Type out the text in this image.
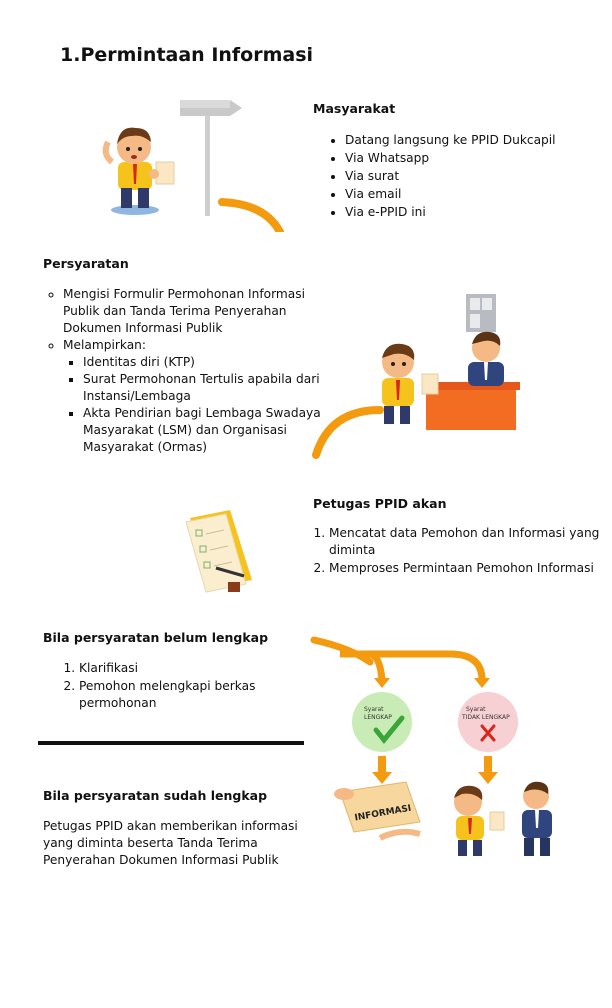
1.Permintaan Informasi
Masyarakat
• Datang langsung ke PPID Dukcapil
• Via Whatsapp
• Via surat
• Via email
• Via e-PPID ini
Persyaratan
◦ Mengisi Formulir Permohonan Informasi Publik dan Tanda Terima Penyerahan Dokumen Informasi Publik
◦ Melampirkan:
▪ Identitas diri (KTP)
▪ Surat Permohonan Tertulis apabila dari Instansi/Lembaga
▪ Akta Pendirian bagi Lembaga Swadaya Masyarakat (LSM) dan Organisasi Masyarakat (Ormas)
Petugas PPID akan
1. Mencatat data Pemohon dan Informasi yang diminta
2. Memproses Permintaan Pemohon Informasi
Bila persyaratan belum lengkap
1. Klarifikasi
2. Pemohon melengkapi berkas permohonan
Bila persyaratan sudah lengkap

Petugas PPID akan memberikan informasi yang diminta beserta Tanda Terima Penyerahan Dokumen Informasi Publik

Syarat
LENGKAP
Syarat
TIDAK LENGKAP
INFORMASI
